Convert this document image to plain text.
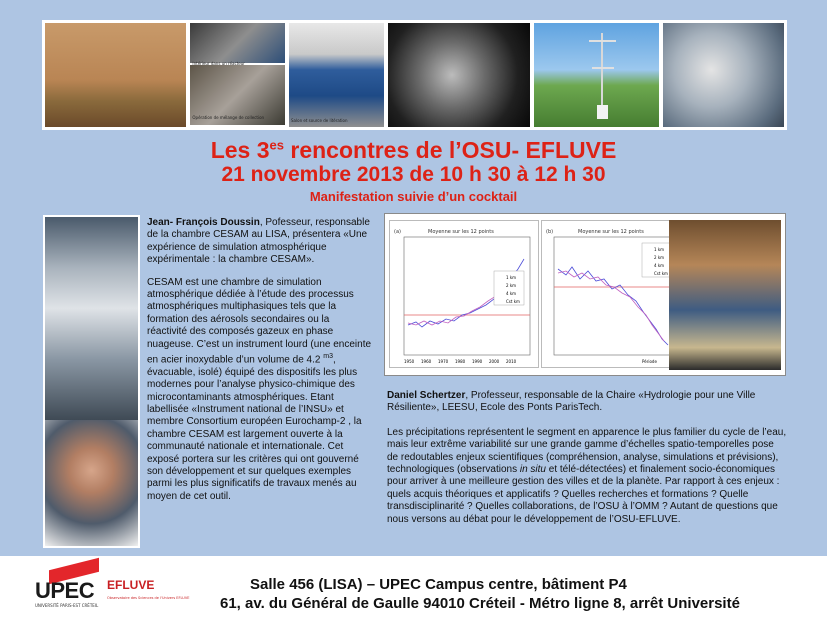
Intérieur dans un réacteur
Opération de mélange de collection
Salon et source de litération
Les $3^{es}$ rencontres de l’OSU- EFLUVE
21 novembre 2013 de 10 h 30 à 12 h 30
Manifestation suivie d’un cocktail

Jean- François Doussin, Pofesseur, responsable de la chambre CESAM au LISA, présentera «Une expérience de simulation atmosphérique expérimentale : la chambre CESAM».

CESAM est une chambre de simulation atmosphérique dédiée à l’étude des processus atmosphériques multiphasiques tels que la formation des aérosols secondaires ou la réactivité des composés gazeux en phase nuageuse. C’est un instrument lourd (une enceinte en acier inoxydable d’un volume de 4.2 $^{m3}$, évacuable, isolé) équipé des dispositifs les plus modernes pour l’analyse physico-chimique des microcontaminants atmosphériques. Etant labellisée «Instrument national de l’INSU» et membre Consortium européen Eurochamp-2 , la chambre CESAM est largement ouverte à la communauté nationale et internationale. Cet exposé portera sur les critères qui ont gouverné son développement et sur quelques exemples parmi les plus significatifs de travaux menés au moyen de cet outil.

(a)	Moyenne sur les 12 points
1 km
2 km
4 km
Cst km
1950 1960 1970 1980 1990 2000 2010
(b)	Moyenne sur les 12 points
1 km
2 km
4 km
Cst km
Période

Daniel Schertzer, Professeur, responsable de la Chaire «Hydrologie pour une Ville Résiliente», LEESU, Ecole des Ponts ParisTech.

Les précipitations représentent le segment en apparence le plus familier du cycle de l’eau, mais leur extrême variabilité sur une grande gamme d’échelles spatio-temporelles pose de redoutables enjeux scientifiques (compréhension, analyse, simulations et prévisions), technologiques (observations in situ et télé-détectées) et finalement socio-économiques pour arriver à une meilleure gestion des villes et de la planète. Par rapport à ces enjeux : quels acquis théoriques et applicatifs ? Quelles recherches et formations ? Quelle transdisciplinarité ? Quelles collaborations, de l’OSU à l’OMM ? Autant de questions que nous versons au débat pour le développement de l’OSU-EFLUVE.

UPEC
UNIVERSITÉ PARIS-EST CRÉTEIL
EFLUVE
Observatoire des Sciences de l'Univers EFLUVE
Salle 456 (LISA) – UPEC Campus centre, bâtiment P4
61, av. du Général de Gaulle 94010 Créteil - Métro ligne 8, arrêt Université
